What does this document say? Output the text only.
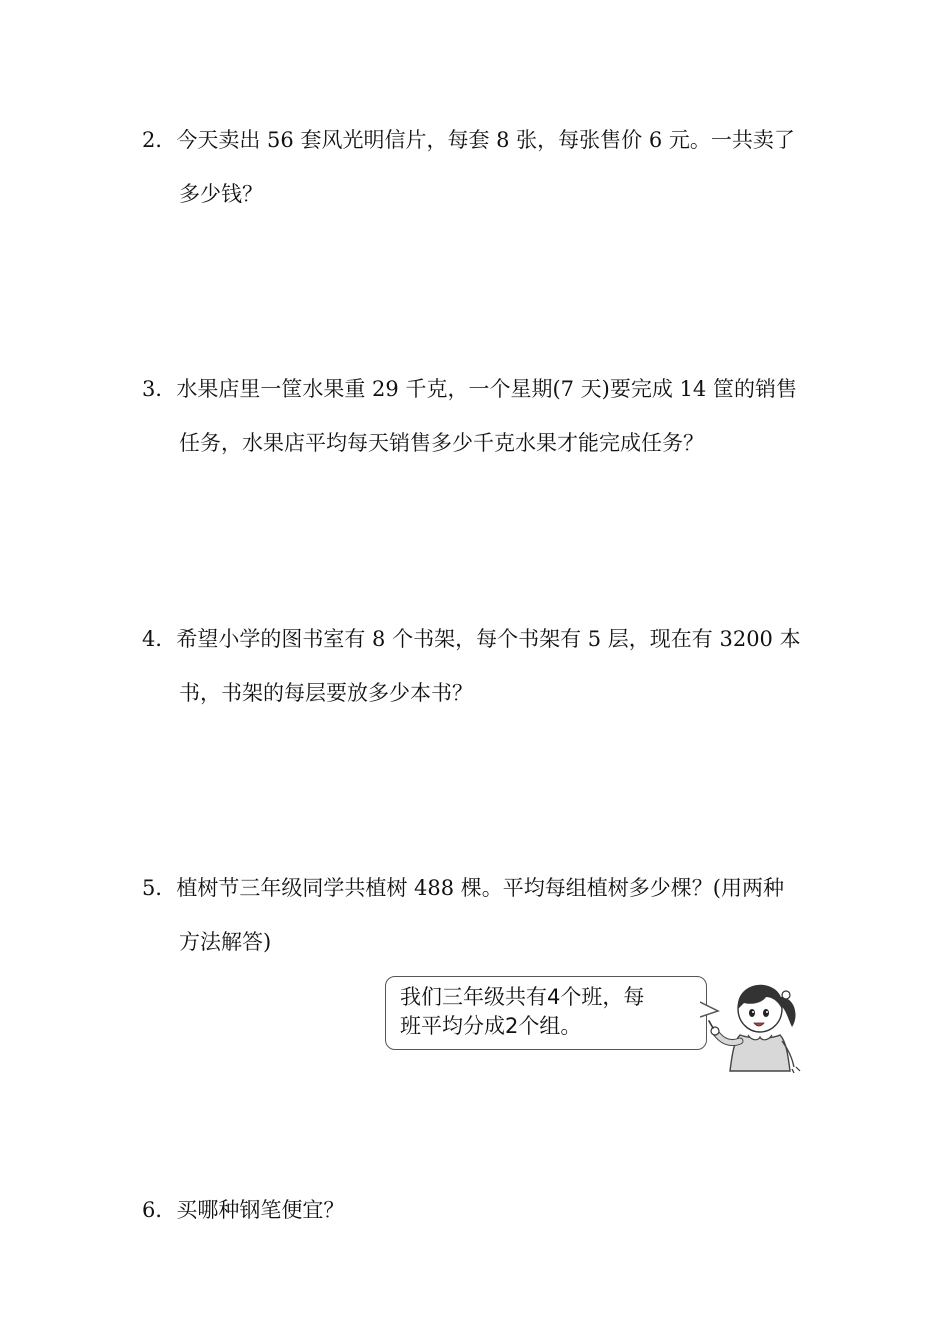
2．今天卖出 56 套风光明信片，每套 8 张，每张售价 6 元。一共卖了
多少钱？
3．水果店里一筐水果重 29 千克，一个星期(7 天)要完成 14 筐的销售
任务，水果店平均每天销售多少千克水果才能完成任务？
4．希望小学的图书室有 8 个书架，每个书架有 5 层，现在有 3200 本
书，书架的每层要放多少本书？
5．植树节三年级同学共植树 488 棵。平均每组植树多少棵？(用两种
方法解答)
我们三年级共有4个班，每
班平均分成2个组。
6．买哪种钢笔便宜？
